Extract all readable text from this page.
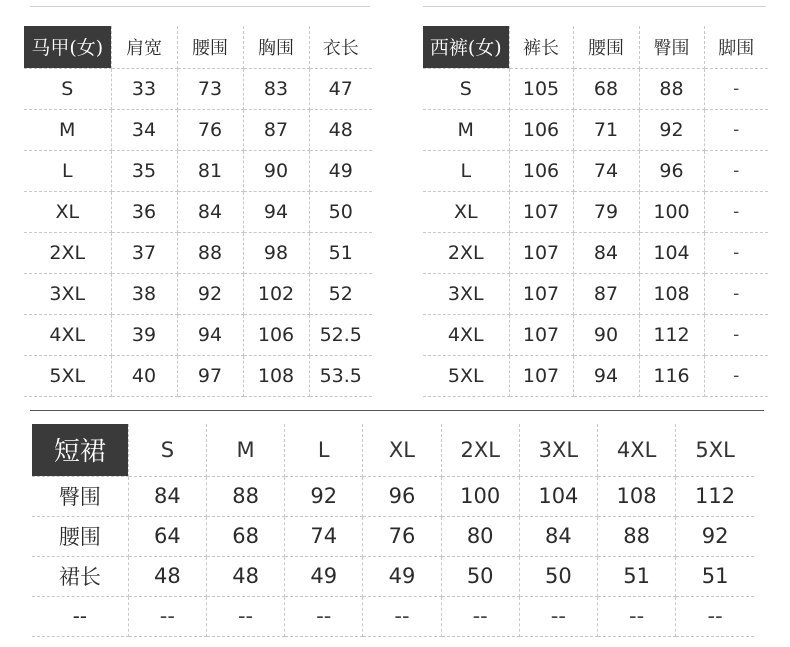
马甲(女)	肩宽	腰围	胸围	衣长
S	33	73	83	47
M	34	76	87	48
L	35	81	90	49
XL	36	84	94	50
2XL	37	88	98	51
3XL	38	92	102	52
4XL	39	94	106	52.5
5XL	40	97	108	53.5
西裤(女)	裤长	腰围	臀围	脚围
S	105	68	88	-
M	106	71	92	-
L	106	74	96	-
XL	107	79	100	-
2XL	107	84	104	-
3XL	107	87	108	-
4XL	107	90	112	-
5XL	107	94	116	-
短裙	S	M	L	XL	2XL	3XL	4XL	5XL
臀围	84	88	92	96	100	104	108	112
腰围	64	68	74	76	80	84	88	92
裙长	48	48	49	49	50	50	51	51
--	--	--	--	--	--	--	--	--
